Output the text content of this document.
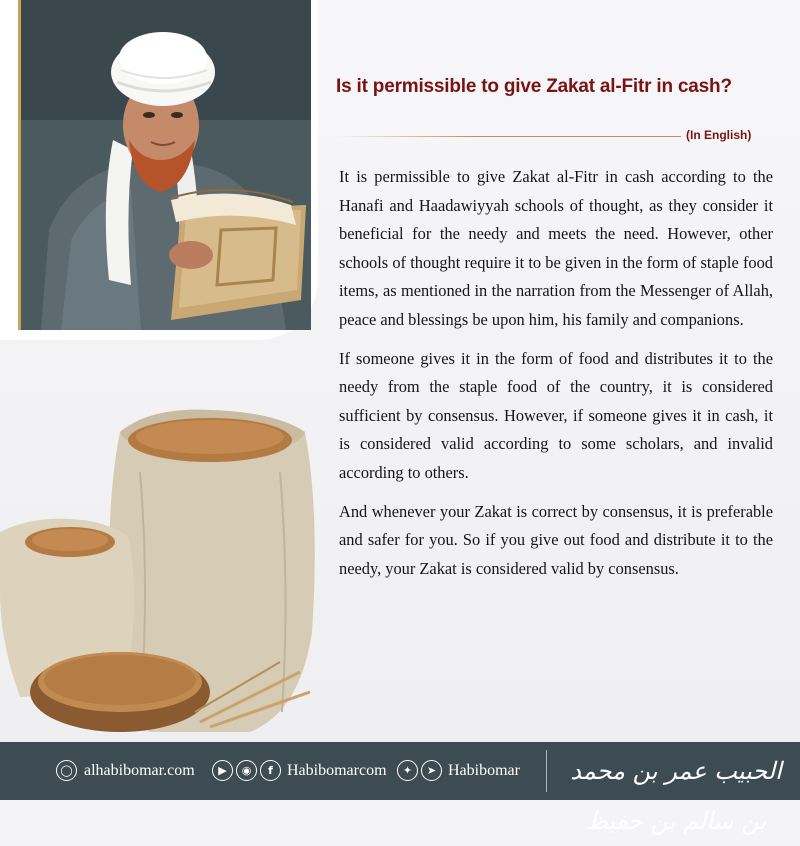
Is it permissible to give Zakat al-Fitr in cash?
(In English)

It is permissible to give Zakat al-Fitr in cash according to the Hanafi and Haadawiyyah schools of thought, as they consider it beneficial for the needy and meets the need. However, other schools of thought require it to be given in the form of staple food items, as mentioned in the narration from the Messenger of Allah, peace and blessings be upon him, his family and companions.

If someone gives it in the form of food and distributes it to the needy from the staple food of the country, it is considered sufficient by consensus. However, if someone gives it in cash, it is considered valid according to some scholars, and invalid according to others.

And whenever your Zakat is correct by consensus, it is preferable and safer for you. So if you give out food and distribute it to the needy, your Zakat is considered valid by consensus.

◯ alhabibomar.com	▶	◉	f Habibomarcom	✦	➤ Habibomar الحبيب عمر بن محمد بن سالم بن حفيظ
